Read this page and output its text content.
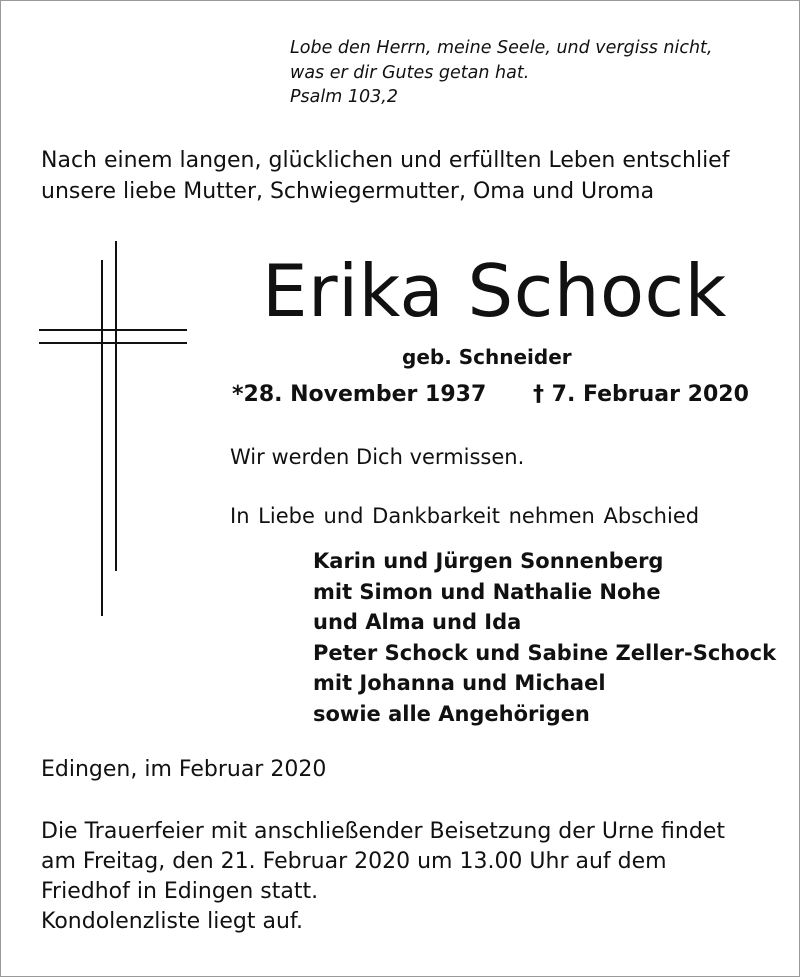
Lobe den Herrn, meine Seele, und vergiss nicht,
was er dir Gutes getan hat.
Psalm 103,2
Nach einem langen, glücklichen und erfüllten Leben entschlief
unsere liebe Mutter, Schwiegermutter, Oma und Uroma
Erika Schock
geb. Schneider
*28. November 1937 † 7. Februar 2020
Wir werden Dich vermissen.
In Liebe und Dankbarkeit nehmen Abschied
Karin und Jürgen Sonnenberg
mit Simon und Nathalie Nohe
und Alma und Ida
Peter Schock und Sabine Zeller-Schock
mit Johanna und Michael
sowie alle Angehörigen
Edingen, im Februar 2020
Die Trauerfeier mit anschließender Beisetzung der Urne findet
am Freitag, den 21. Februar 2020 um 13.00 Uhr auf dem
Friedhof in Edingen statt.
Kondolenzliste liegt auf.
